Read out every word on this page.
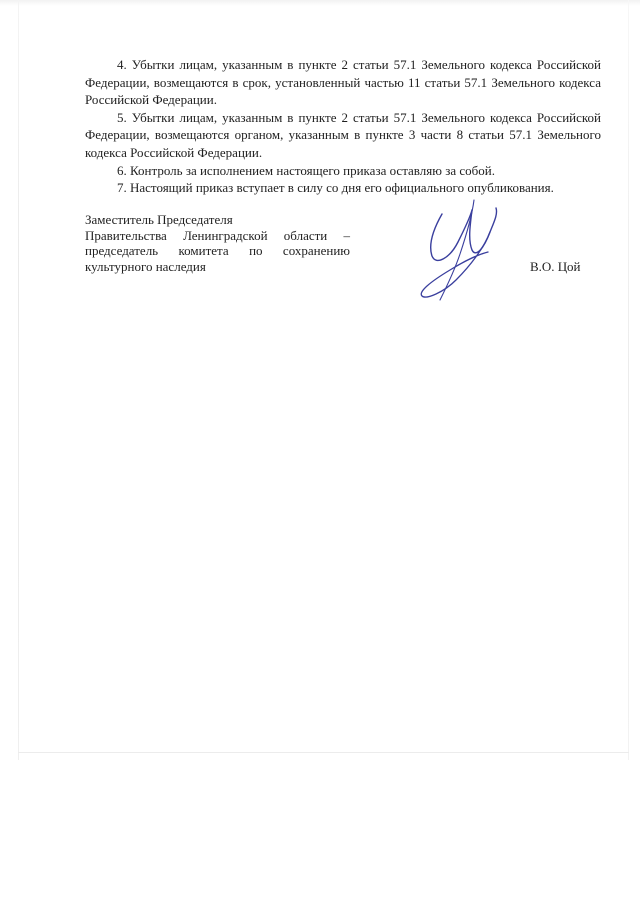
4. Убытки лицам, указанным в пункте 2 статьи 57.1 Земельного кодекса Российской Федерации, возмещаются в срок, установленный частью 11 статьи 57.1 Земельного кодекса Российской Федерации.

5. Убытки лицам, указанным в пункте 2 статьи 57.1 Земельного кодекса Российской Федерации, возмещаются органом, указанным в пункте 3 части 8 статьи 57.1 Земельного кодекса Российской Федерации.

6. Контроль за исполнением настоящего приказа оставляю за собой.

7. Настоящий приказ вступает в силу со дня его официального опубликования.

Заместитель Председателя
Правительства Ленинградской области –
председатель комитета по сохранению
культурного наследия	В.О. Цой
